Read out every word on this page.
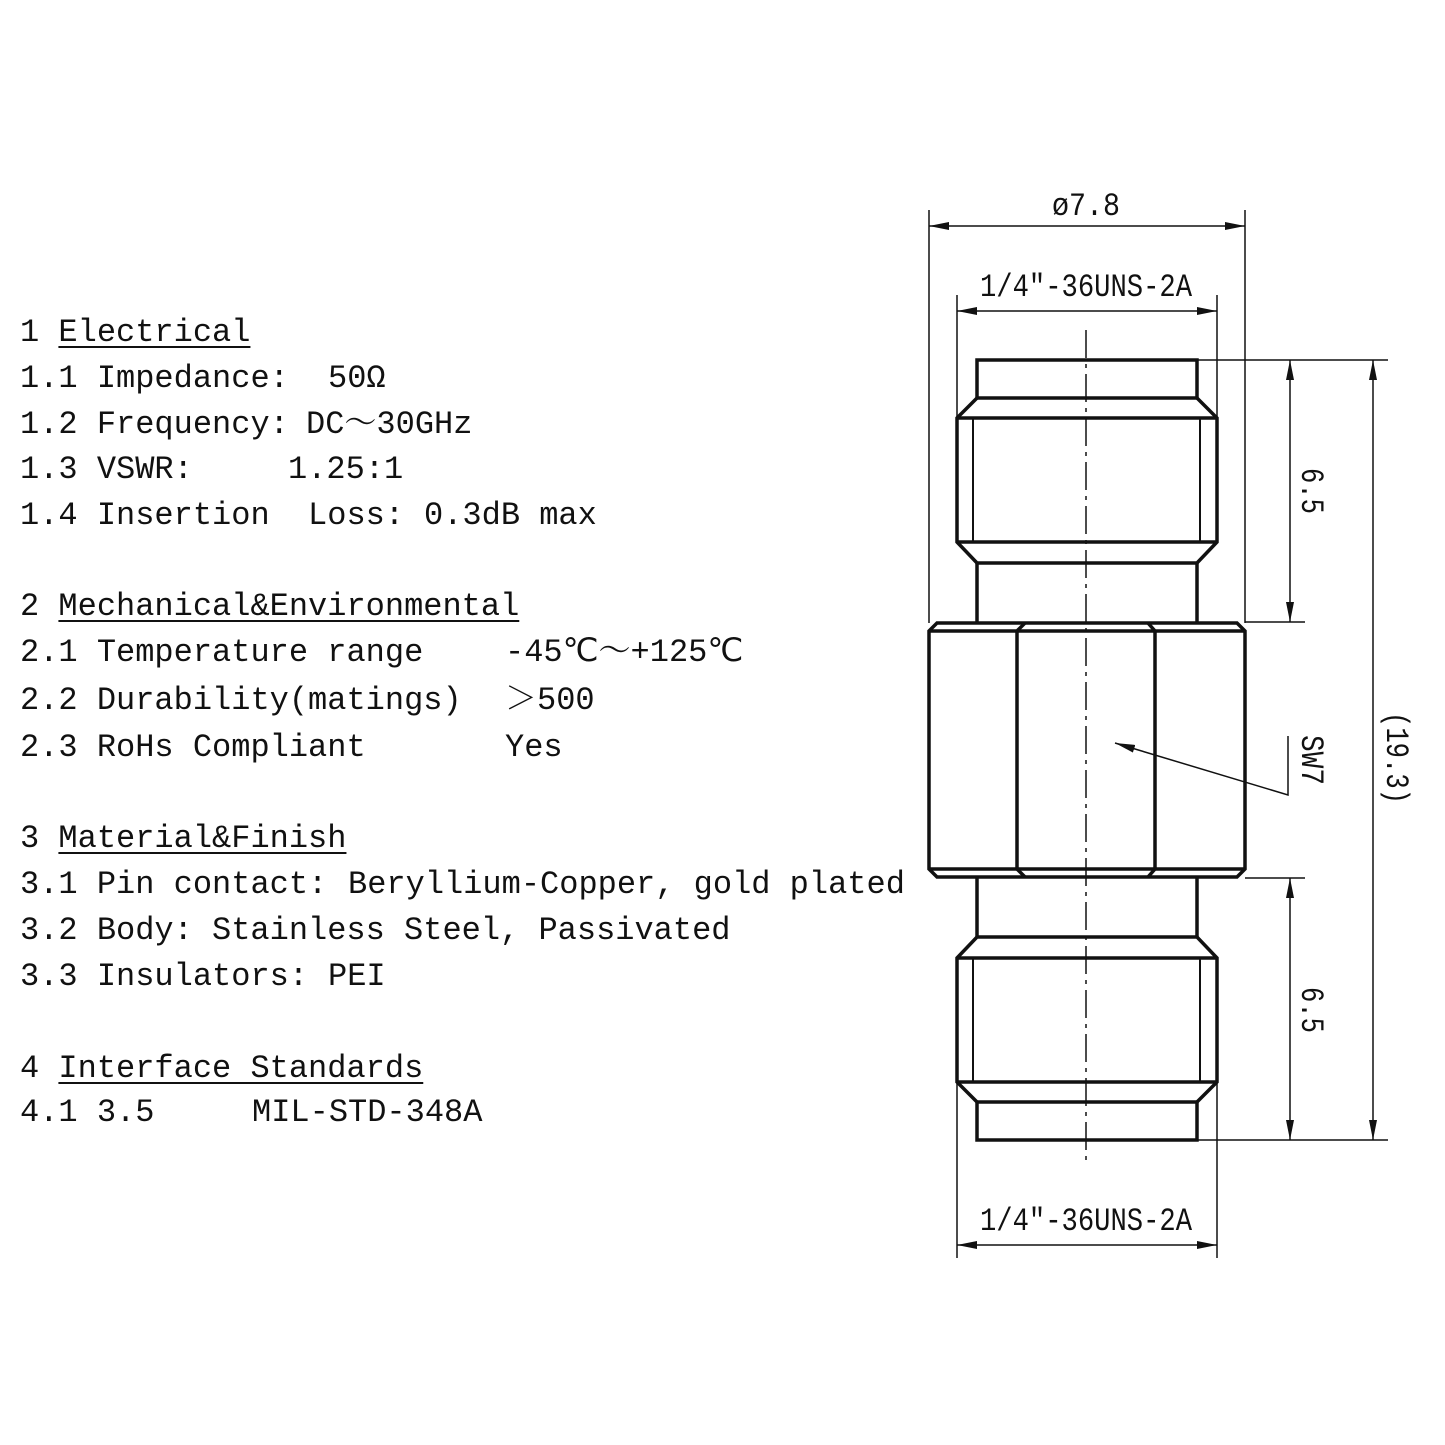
1 Electrical
1.1 Impedance: 50Ω
1.2 Frequency: DC～30GHz
1.3 VSWR:	1.25:1
1.4 Insertion  Loss: 0.3dB max
2 Mechanical&Environmental
2.1 Temperature range	-45℃～+125℃
2.2 Durability(matings) ＞500
2.3 RoHs Compliant	Yes
3 Material&Finish
3.1 Pin contact: Beryllium-Copper, gold plated
3.2 Body: Stainless Steel, Passivated
3.3 Insulators: PEI
4 Interface Standards
4.1 3.5	MIL-STD-348A
ø7.8
1/4"-36UNS-2A
1/4"-36UNS-2A
6.5
6.5
SW7 (19.3)
